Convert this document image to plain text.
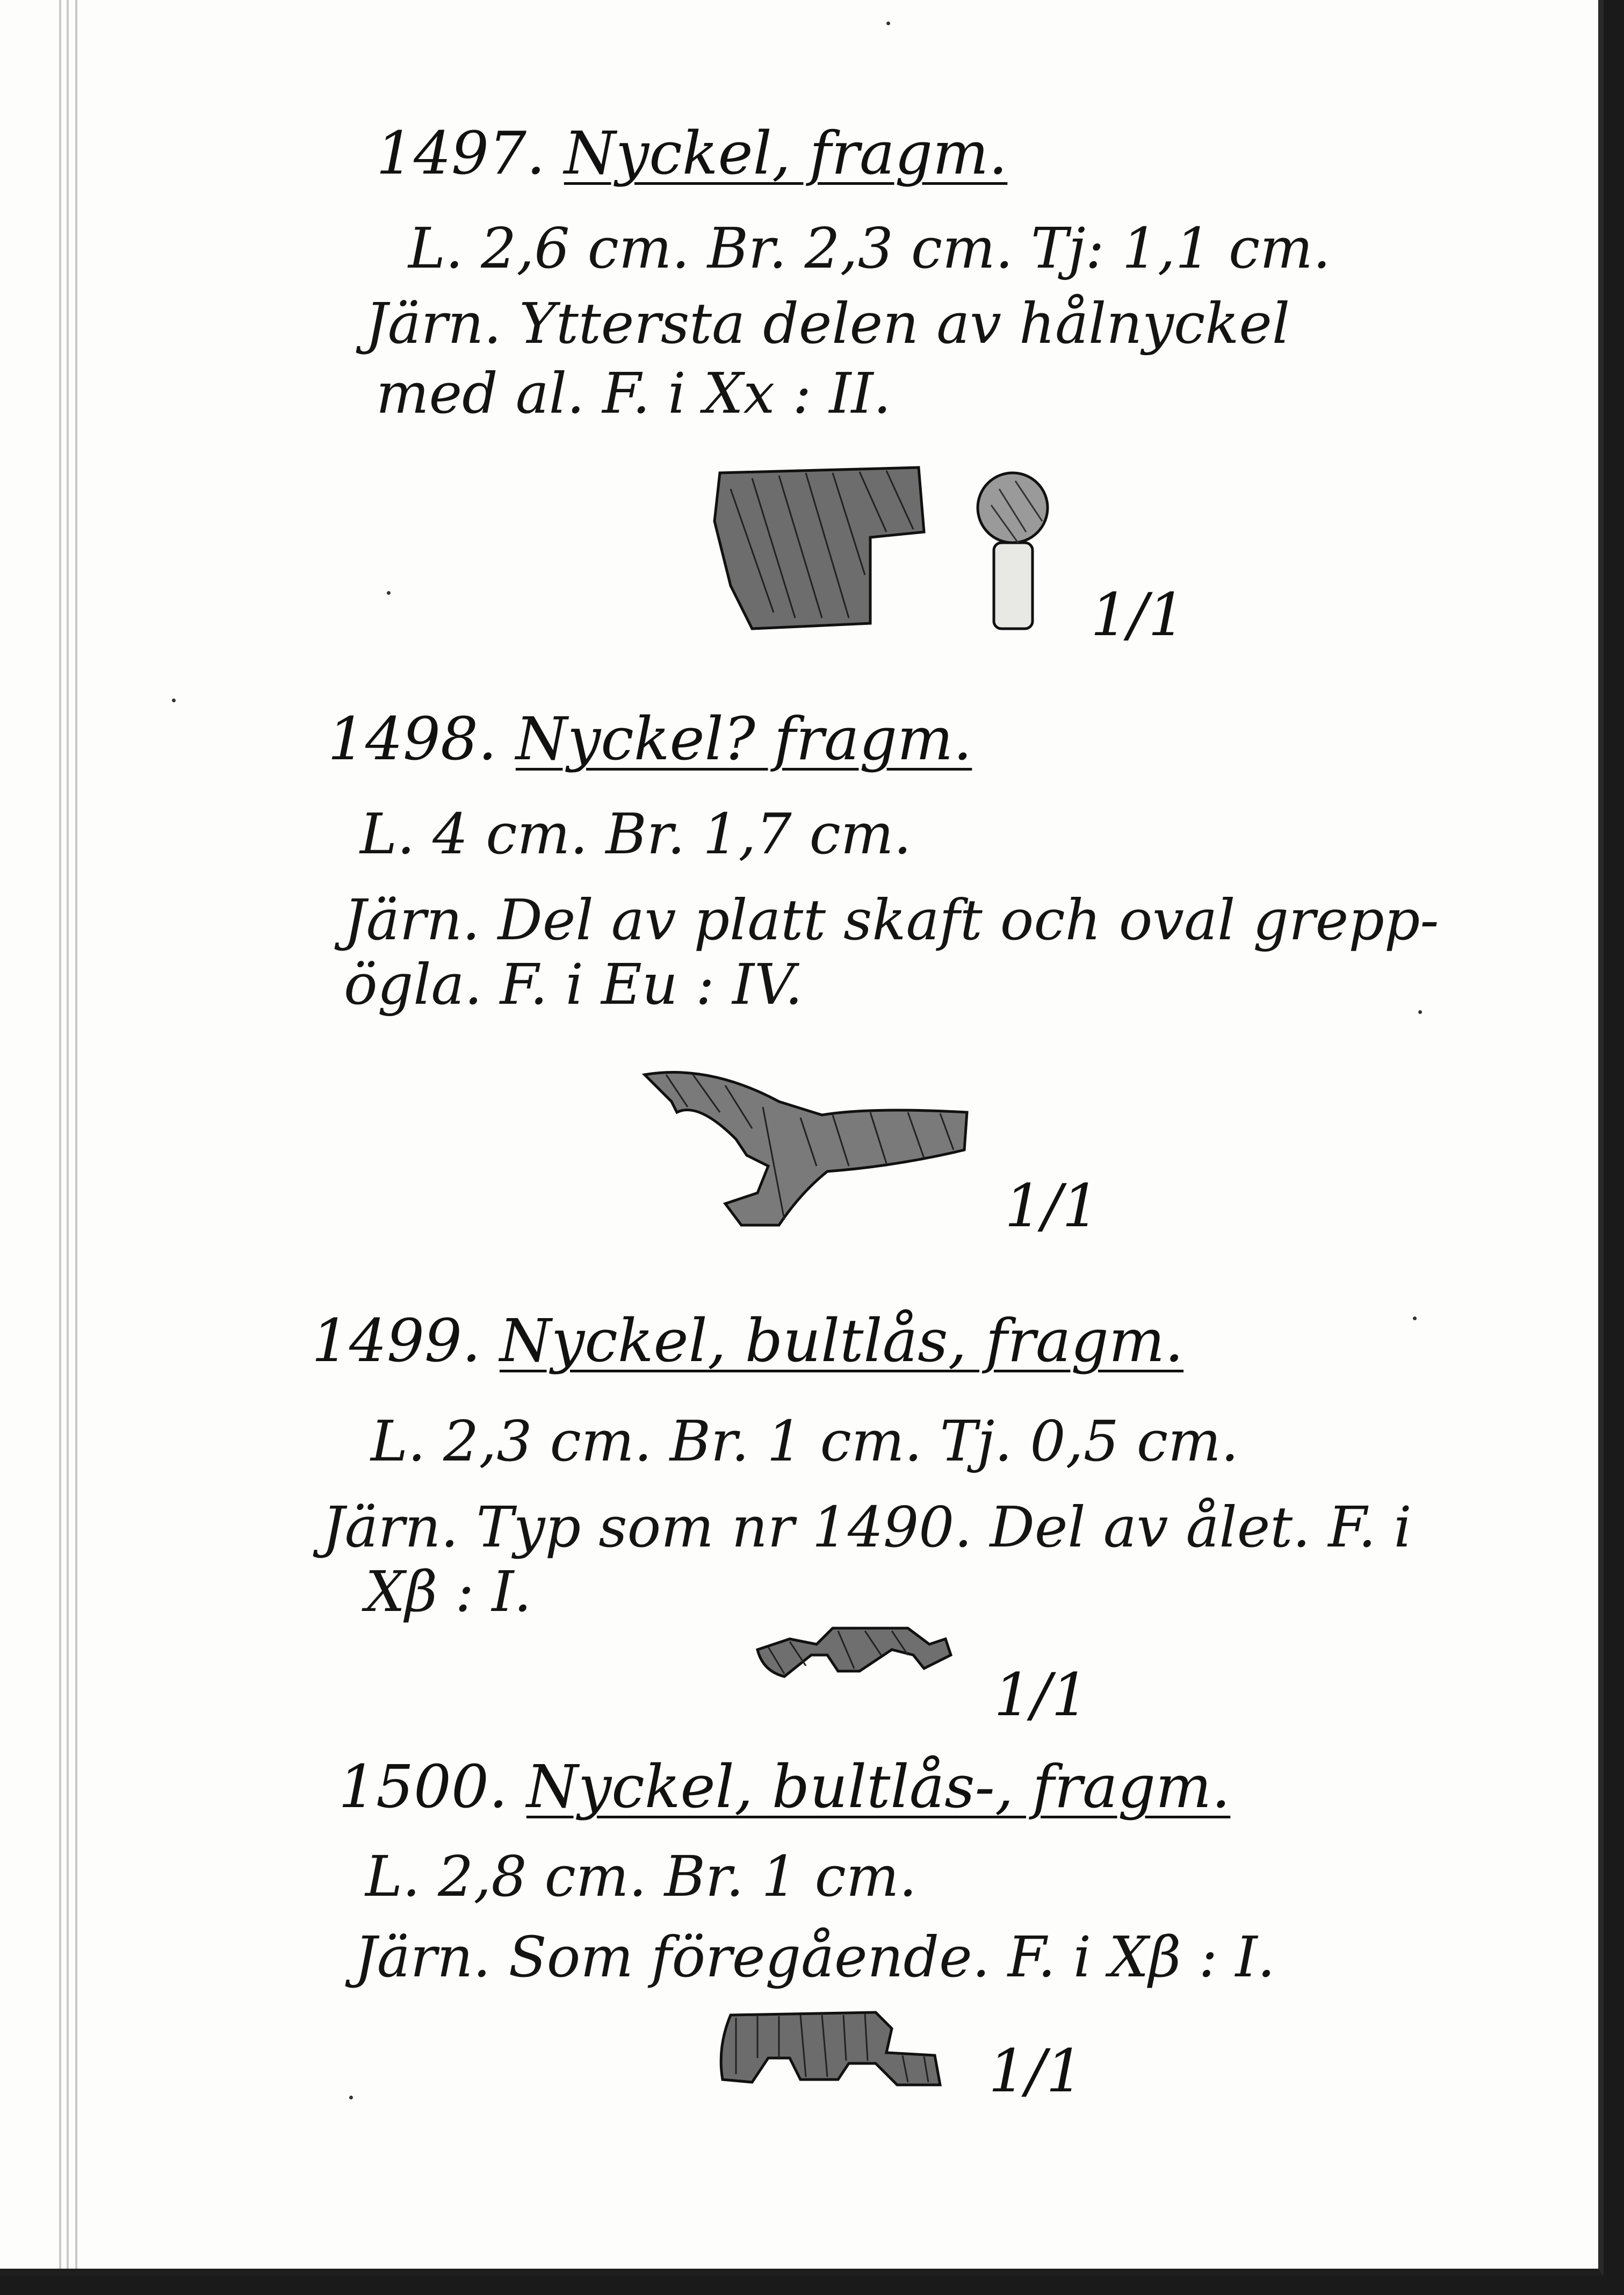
1497. Nyckel, fragm.
L. 2,6 cm. Br. 2,3 cm. Tj: 1,1 cm.
Järn. Yttersta delen av hålnyckel
med al. F. i Xx : II.
1/1
1498. Nyckel? fragm.
L. 4 cm. Br. 1,7 cm.
Järn. Del av platt skaft och oval grepp-
ögla. F. i Eu : IV.
1/1
1499. Nyckel, bultlås, fragm.
L. 2,3 cm. Br. 1 cm. Tj. 0,5 cm.
Järn. Typ som nr 1490. Del av ålet. F. i
Xβ : I.
1/1
1500. Nyckel, bultlås-, fragm.
L. 2,8 cm. Br. 1 cm.
Järn. Som föregående. F. i Xβ : I.
1/1
